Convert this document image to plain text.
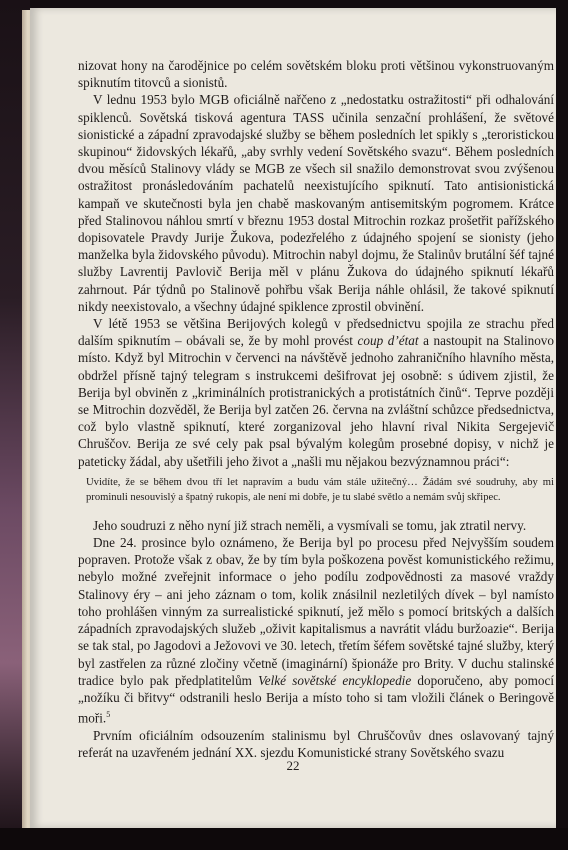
nizovat hony na čarodějnice po celém sovětském bloku proti většinou vykonstruovaným spiknutím titovců a sionistů.

V lednu 1953 bylo MGB oficiálně nařčeno z „nedostatku ostražitosti“ při odhalování spiklenců. Sovětská tisková agentura TASS učinila senzační prohlášení, že světové sionistické a západní zpravodajské služby se během posledních let spikly s „teroristickou skupinou“ židovských lékařů, „aby svrhly vedení Sovětského svazu“. Během posledních dvou měsíců Stalinovy vlády se MGB ze všech sil snažilo demonstrovat svou zvýšenou ostražitost pronásledováním pachatelů neexistujícího spiknutí. Tato antisionistická kampaň ve skutečnosti byla jen chabě maskovaným antisemitským pogromem. Krátce před Stalinovou náhlou smrtí v březnu 1953 dostal Mitrochin rozkaz prošetřit pařížského dopisovatele Pravdy Jurije Žukova, podezřelého z údajného spojení se sionisty (jeho manželka byla židovského původu). Mitrochin nabyl dojmu, že Stalinův brutální šéf tajné služby Lavrentij Pavlovič Berija měl v plánu Žukova do údajného spiknutí lékařů zahrnout. Pár týdnů po Stalinově pohřbu však Berija náhle ohlásil, že takové spiknutí nikdy neexistovalo, a všechny údajné spiklence zprostil obvinění.

V létě 1953 se většina Berijových kolegů v předsednictvu spojila ze strachu před dalším spiknutím – obávali se, že by mohl provést coup d’état a nastoupit na Stalinovo místo. Když byl Mitrochin v červenci na návštěvě jednoho zahraničního hlavního města, obdržel přísně tajný telegram s instrukcemi dešifrovat jej osobně: s údivem zjistil, že Berija byl obviněn z „kriminálních protistranických a protistátních činů“. Teprve později se Mitrochin dozvěděl, že Berija byl zatčen 26. června na zvláštní schůzce předsednictva, což bylo vlastně spiknutí, které zorganizoval jeho hlavní rival Nikita Sergejevič Chruščov. Berija ze své cely pak psal bývalým kolegům prosebné dopisy, v nichž je pateticky žádal, aby ušetřili jeho život a „našli mu nějakou bezvýznamnou práci“:

Uvidíte, že se během dvou tří let napravím a budu vám stále užitečný… Žádám své soudruhy, aby mi prominuli nesouvislý a špatný rukopis, ale není mi dobře, je tu slabé světlo a nemám svůj skřipec.

Jeho soudruzi z něho nyní již strach neměli, a vysmívali se tomu, jak ztratil nervy.

Dne 24. prosince bylo oznámeno, že Berija byl po procesu před Nejvyšším soudem popraven. Protože však z obav, že by tím byla poškozena pověst komunistického režimu, nebylo možné zveřejnit informace o jeho podílu zodpovědnosti za masové vraždy Stalinovy éry – ani jeho záznam o tom, kolik znásilnil nezletilých dívek – byl namísto toho prohlášen vinným za surrealistické spiknutí, jež mělo s pomocí britských a dalších západních zpravodajských služeb „oživit kapitalismus a navrátit vládu buržoazie“. Berija se tak stal, po Jagodovi a Ježovovi ve 30. letech, třetím šéfem sovětské tajné služby, který byl zastřelen za různé zločiny včetně (imaginární) špionáže pro Brity. V duchu stalinské tradice bylo pak předplatitelům Velké sovětské encyklopedie doporučeno, aby pomocí „nožíku či břitvy“ odstranili heslo Berija a místo toho si tam vložili článek o Beringově moři.$^5$

Prvním oficiálním odsouzením stalinismu byl Chruščovův dnes oslavovaný tajný referát na uzavřeném jednání XX. sjezdu Komunistické strany Sovětského svazu

22
